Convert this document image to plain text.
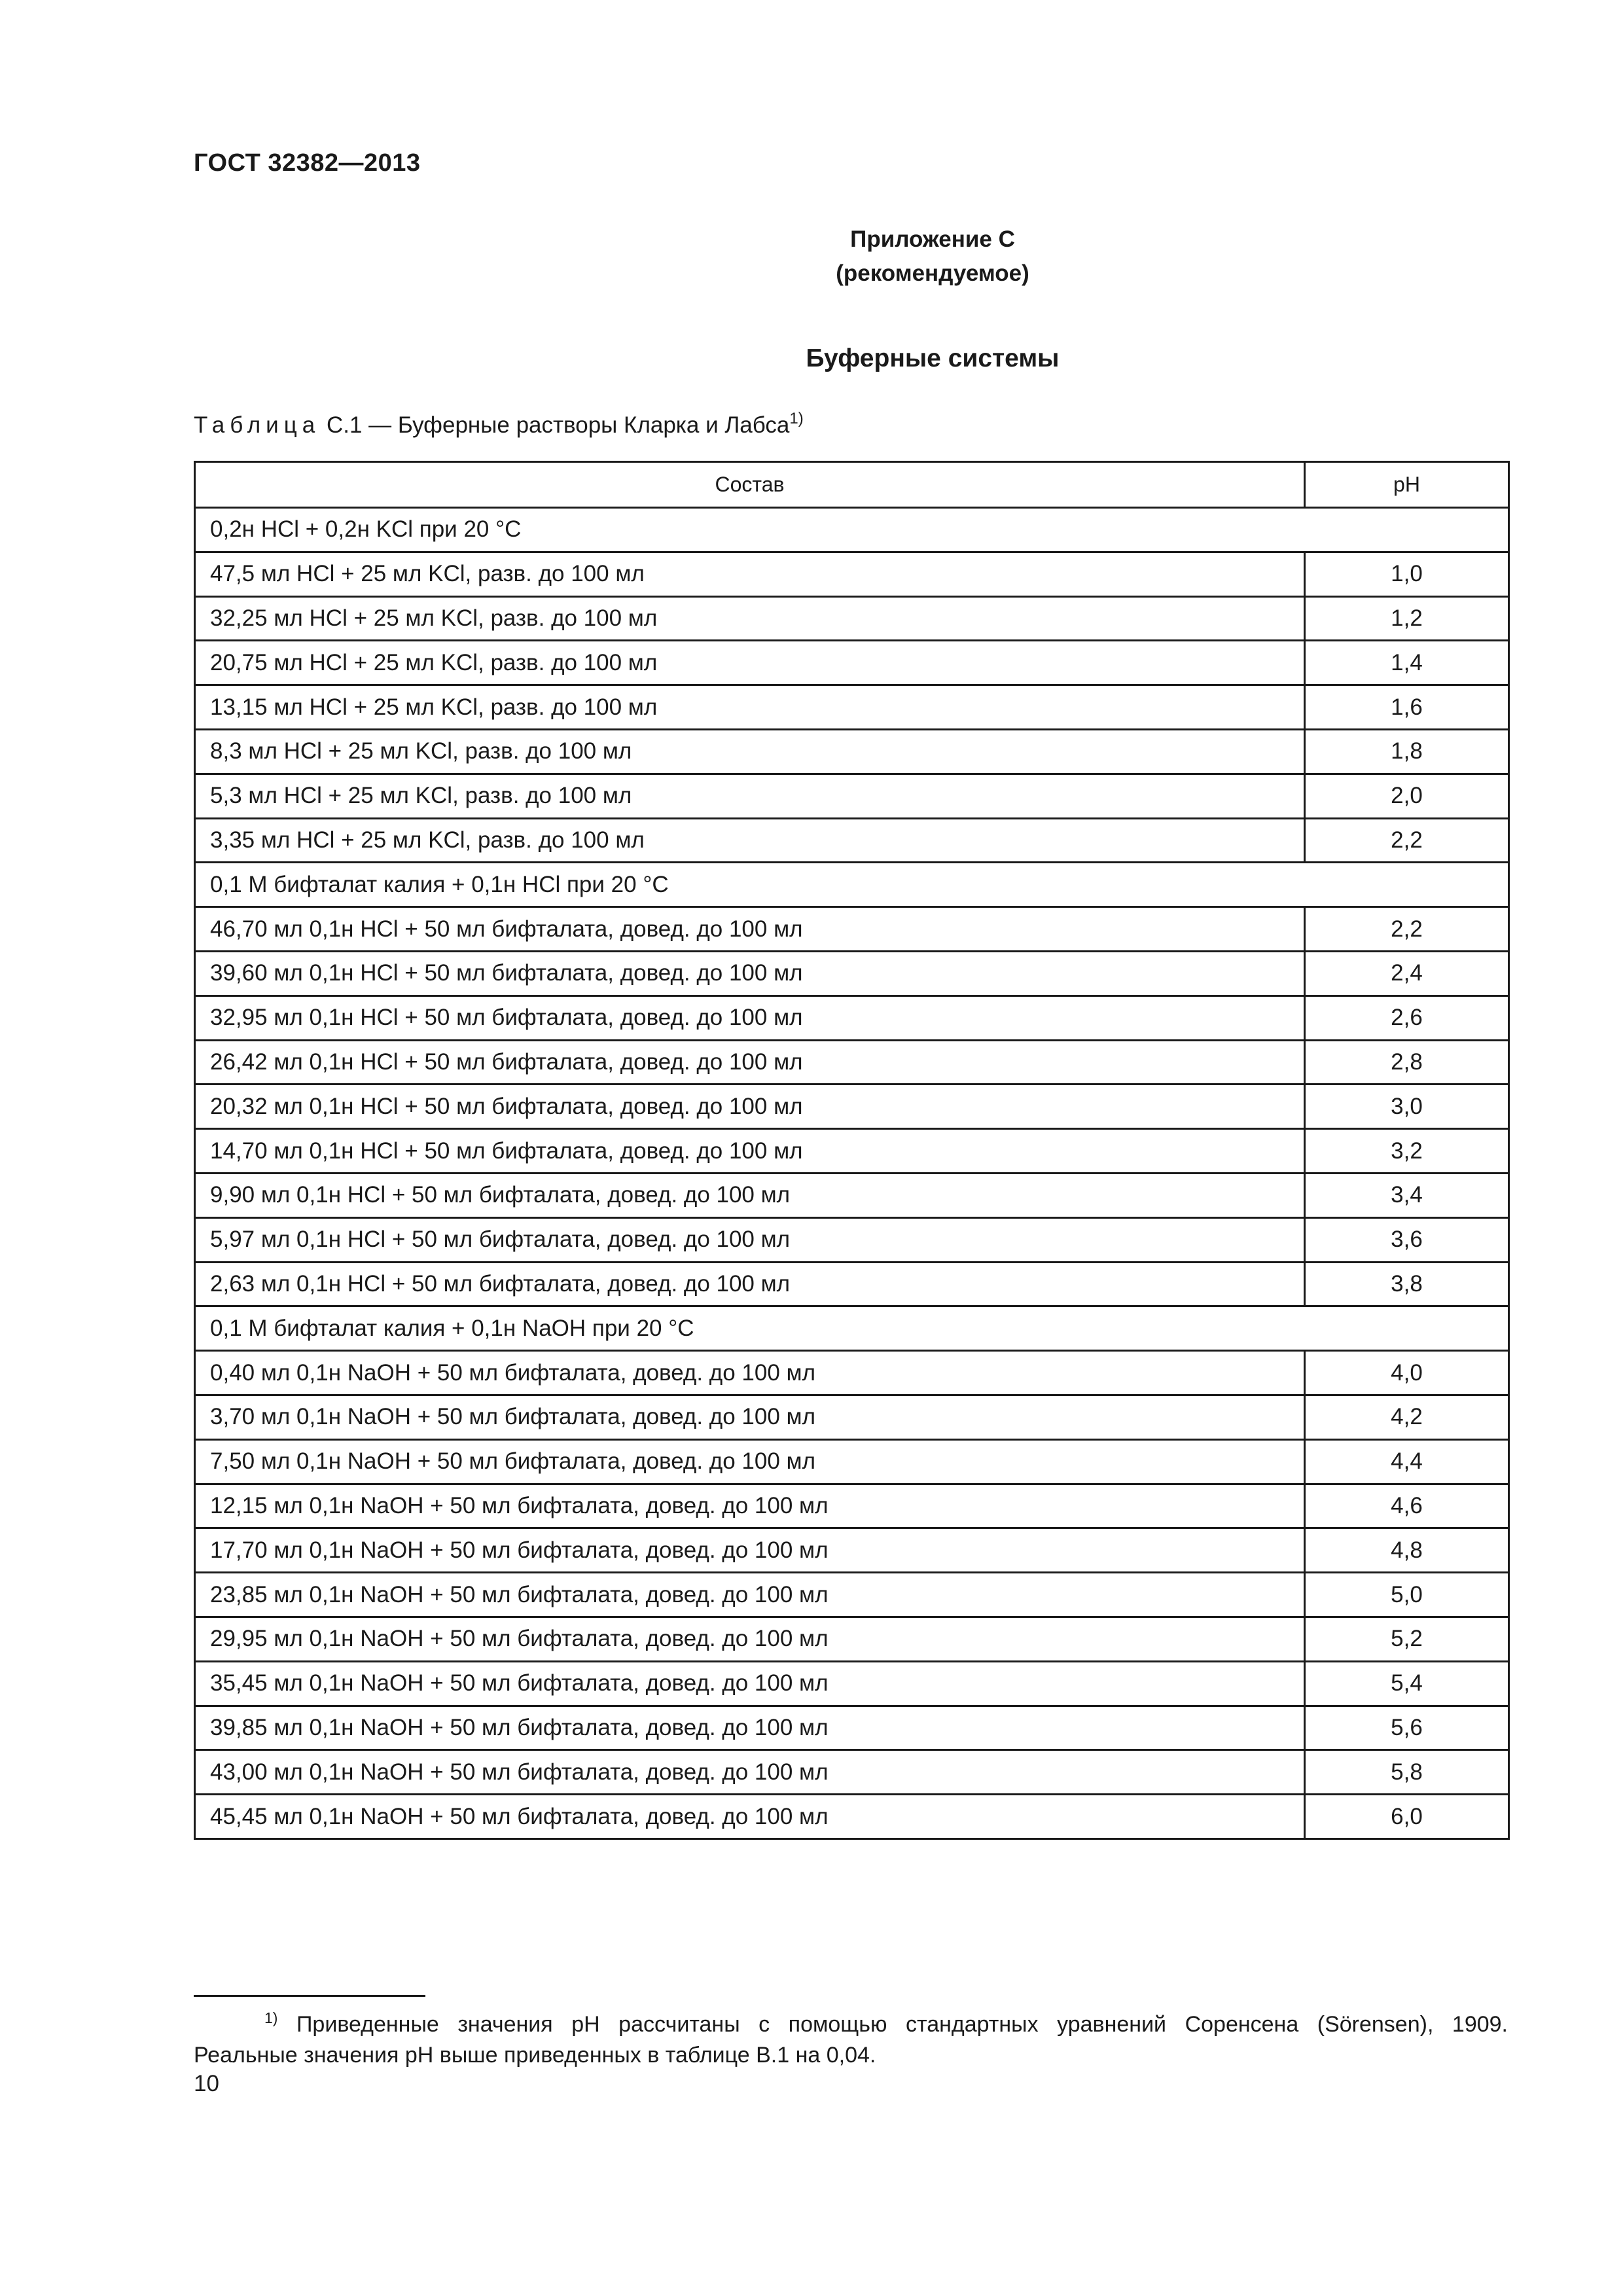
ГОСТ 32382—2013
Приложение С
(рекомендуемое)
Буферные системы
Таблица С.1 — Буферные растворы Кларка и Лабса$^{1)}$
Состав	pH
0,2н HCl + 0,2н KCl при 20 °С	
47,5 мл HCl + 25 мл KCl, разв. до 100 мл	1,0
32,25 мл HCl + 25 мл KCl, разв. до 100 мл	1,2
20,75 мл HCl + 25 мл KCl, разв. до 100 мл	1,4
13,15 мл HCl + 25 мл KCl, разв. до 100 мл	1,6
8,3 мл HCl + 25 мл KCl, разв. до 100 мл	1,8
5,3 мл HCl + 25 мл KCl, разв. до 100 мл	2,0
3,35 мл HCl + 25 мл KCl, разв. до 100 мл	2,2
0,1 М бифталат калия + 0,1н HCl при 20 °С	
46,70 мл 0,1н HCl + 50 мл бифталата, довед. до 100 мл	2,2
39,60 мл 0,1н HCl + 50 мл бифталата, довед. до 100 мл	2,4
32,95 мл 0,1н HCl + 50 мл бифталата, довед. до 100 мл	2,6
26,42 мл 0,1н HCl + 50 мл бифталата, довед. до 100 мл	2,8
20,32 мл 0,1н HCl + 50 мл бифталата, довед. до 100 мл	3,0
14,70 мл 0,1н HCl + 50 мл бифталата, довед. до 100 мл	3,2
9,90 мл 0,1н HCl + 50 мл бифталата, довед. до 100 мл	3,4
5,97 мл 0,1н HCl + 50 мл бифталата, довед. до 100 мл	3,6
2,63 мл 0,1н HCl + 50 мл бифталата, довед. до 100 мл	3,8
0,1 М бифталат калия + 0,1н NaOH при 20 °С	
0,40 мл 0,1н NaOH + 50 мл бифталата, довед. до 100 мл	4,0
3,70 мл 0,1н NaOH + 50 мл бифталата, довед. до 100 мл	4,2
7,50 мл 0,1н NaOH + 50 мл бифталата, довед. до 100 мл	4,4
12,15 мл 0,1н NaOH + 50 мл бифталата, довед. до 100 мл	4,6
17,70 мл 0,1н NaOH + 50 мл бифталата, довед. до 100 мл	4,8
23,85 мл 0,1н NaOH + 50 мл бифталата, довед. до 100 мл	5,0
29,95 мл 0,1н NaOH + 50 мл бифталата, довед. до 100 мл	5,2
35,45 мл 0,1н NaOH + 50 мл бифталата, довед. до 100 мл	5,4
39,85 мл 0,1н NaOH + 50 мл бифталата, довед. до 100 мл	5,6
43,00 мл 0,1н NaOH + 50 мл бифталата, довед. до 100 мл	5,8
45,45 мл 0,1н NaOH + 50 мл бифталата, довед. до 100 мл	6,0
$^{1)}$ Приведенные значения pH рассчитаны с помощью стандартных уравнений Соренсена (Sörensen), 1909.
Реальные значения pH выше приведенных в таблице В.1 на 0,04.
10
